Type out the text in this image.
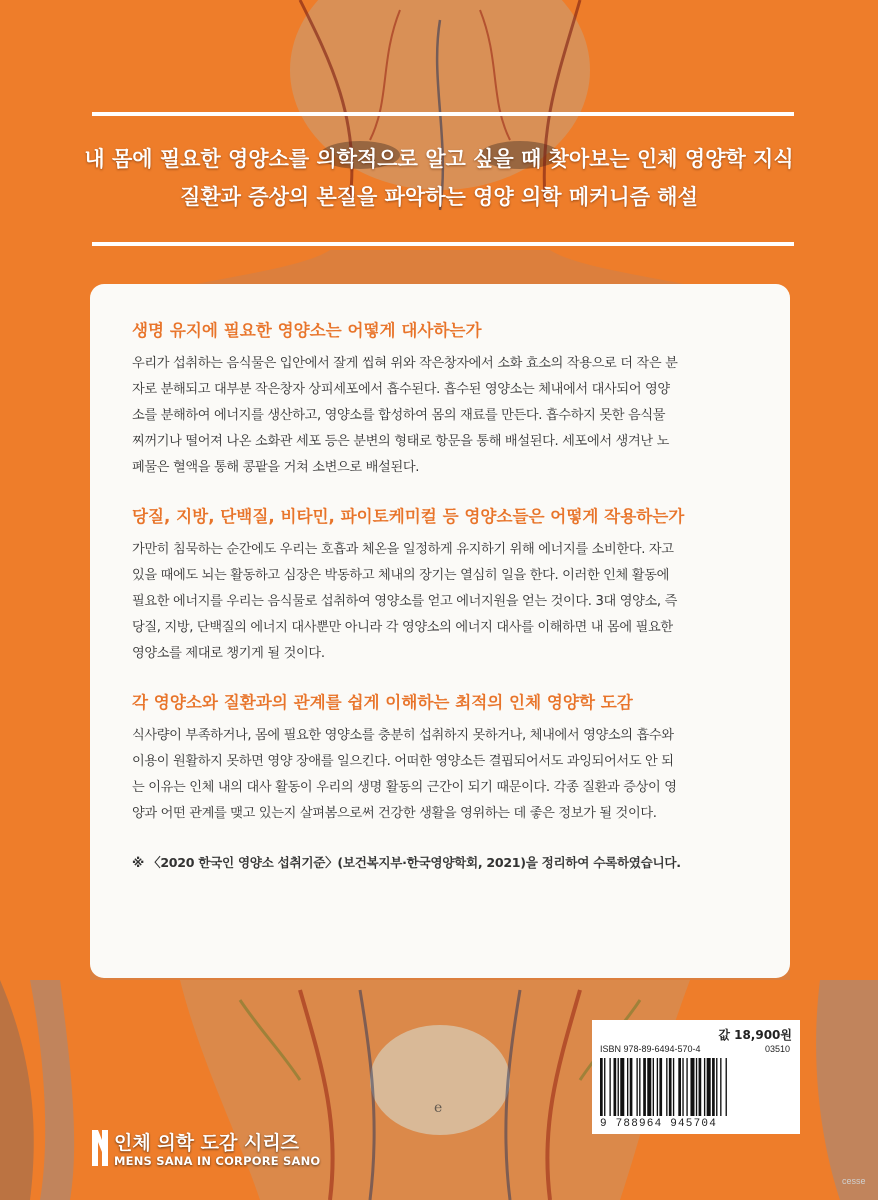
e
내 몸에 필요한 영양소를 의학적으로 알고 싶을 때 찾아보는 인체 영양학 지식
질환과 증상의 본질을 파악하는 영양 의학 메커니즘 해설
생명 유지에 필요한 영양소는 어떻게 대사하는가
우리가 섭취하는 음식물은 입안에서 잘게 씹혀 위와 작은창자에서 소화 효소의 작용으로 더 작은 분
자로 분해되고 대부분 작은창자 상피세포에서 흡수된다. 흡수된 영양소는 체내에서 대사되어 영양
소를 분해하여 에너지를 생산하고, 영양소를 합성하여 몸의 재료를 만든다. 흡수하지 못한 음식물
찌꺼기나 떨어져 나온 소화관 세포 등은 분변의 형태로 항문을 통해 배설된다. 세포에서 생겨난 노
폐물은 혈액을 통해 콩팥을 거쳐 소변으로 배설된다.
당질, 지방, 단백질, 비타민, 파이토케미컬 등 영양소들은 어떻게 작용하는가
가만히 침묵하는 순간에도 우리는 호흡과 체온을 일정하게 유지하기 위해 에너지를 소비한다. 자고
있을 때에도 뇌는 활동하고 심장은 박동하고 체내의 장기는 열심히 일을 한다. 이러한 인체 활동에
필요한 에너지를 우리는 음식물로 섭취하여 영양소를 얻고 에너지원을 얻는 것이다. 3대 영양소, 즉
당질, 지방, 단백질의 에너지 대사뿐만 아니라 각 영양소의 에너지 대사를 이해하면 내 몸에 필요한
영양소를 제대로 챙기게 될 것이다.
각 영양소와 질환과의 관계를 쉽게 이해하는 최적의 인체 영양학 도감
식사량이 부족하거나, 몸에 필요한 영양소를 충분히 섭취하지 못하거나, 체내에서 영양소의 흡수와
이용이 원활하지 못하면 영양 장애를 일으킨다. 어떠한 영양소든 결핍되어서도 과잉되어서도 안 되
는 이유는 인체 내의 대사 활동이 우리의 생명 활동의 근간이 되기 때문이다. 각종 질환과 증상이 영
양과 어떤 관계를 맺고 있는지 살펴봄으로써 건강한 생활을 영위하는 데 좋은 정보가 될 것이다.
※ 〈2020 한국인 영양소 섭취기준〉(보건복지부·한국영양학회, 2021)을 정리하여 수록하였습니다.
인체 의학 도감 시리즈
MENS SANA IN CORPORE SANO
값 18,900원
ISBN 978-89-6494-570-4	03510
9 788964 945704
cesse
